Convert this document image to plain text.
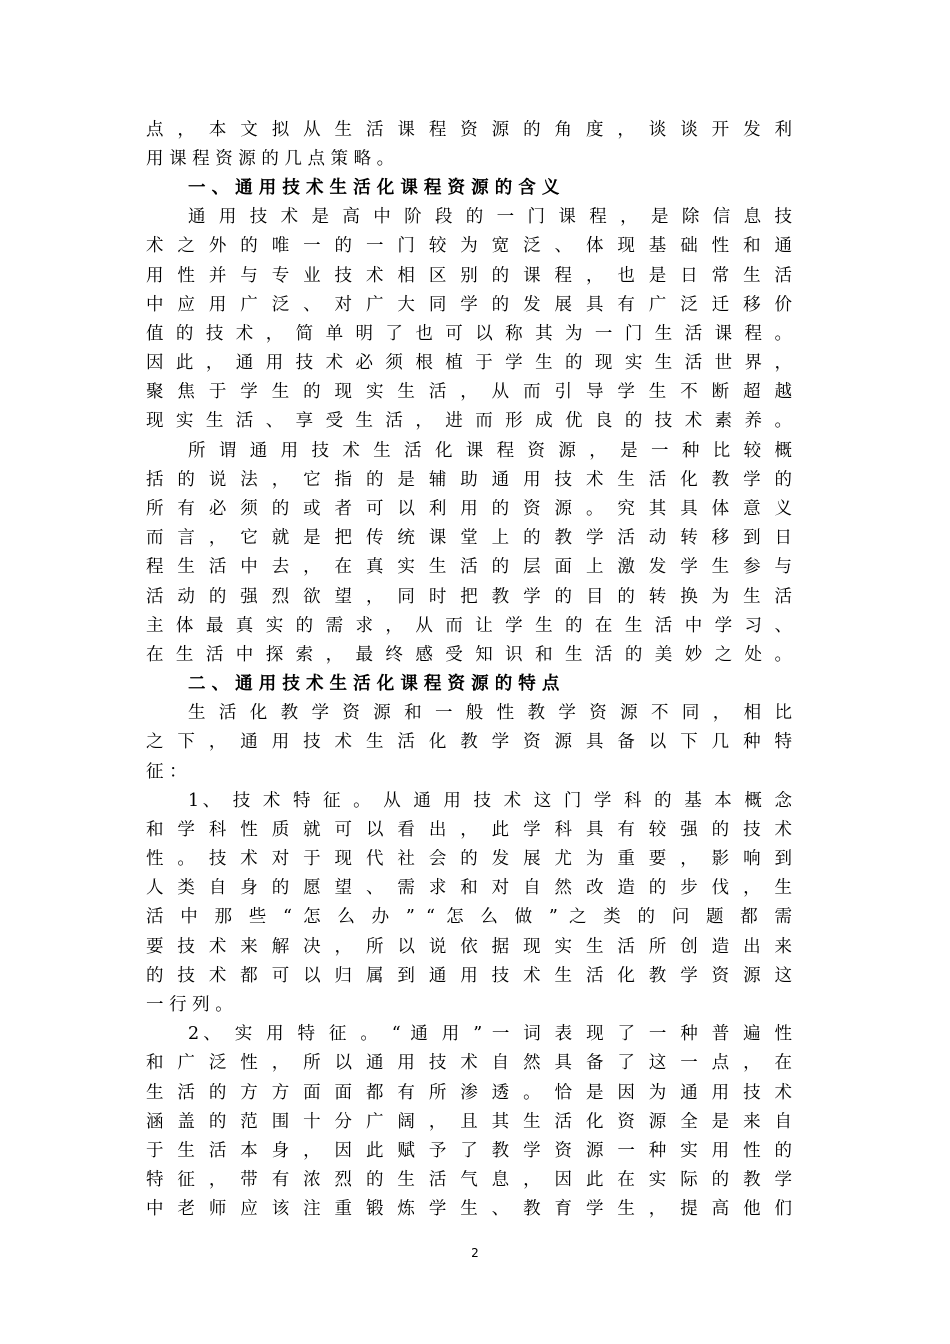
点 ， 本 文 拟 从 生 活 课 程 资 源 的 角 度 ， 谈 谈 开 发 利
用 课 程 资 源 的 几 点 策 略 。
一 、 通 用 技 术 生 活 化 课 程 资 源 的 含 义
通 用 技 术 是 高 中 阶 段 的 一 门 课 程 ， 是 除 信 息 技
术 之 外 的 唯 一 的 一 门 较 为 宽 泛 、 体 现 基 础 性 和 通
用 性 并 与 专 业 技 术 相 区 别 的 课 程 ， 也 是 日 常 生 活
中 应 用 广 泛 、 对 广 大 同 学 的 发 展 具 有 广 泛 迁 移 价
值 的 技 术 ， 简 单 明 了 也 可 以 称 其 为 一 门 生 活 课 程 。
因 此 ， 通 用 技 术 必 须 根 植 于 学 生 的 现 实 生 活 世 界 ，
聚 焦 于 学 生 的 现 实 生 活 ， 从 而 引 导 学 生 不 断 超 越
现 实 生 活 、 享 受 生 活 ， 进 而 形 成 优 良 的 技 术 素 养 。
所 谓 通 用 技 术 生 活 化 课 程 资 源 ， 是 一 种 比 较 概
括 的 说 法 ， 它 指 的 是 辅 助 通 用 技 术 生 活 化 教 学 的
所 有 必 须 的 或 者 可 以 利 用 的 资 源 。 究 其 具 体 意 义
而 言 ， 它 就 是 把 传 统 课 堂 上 的 教 学 活 动 转 移 到 日
程 生 活 中 去 ， 在 真 实 生 活 的 层 面 上 激 发 学 生 参 与
活 动 的 强 烈 欲 望 ， 同 时 把 教 学 的 目 的 转 换 为 生 活
主 体 最 真 实 的 需 求 ， 从 而 让 学 生 的 在 生 活 中 学 习 、
在 生 活 中 探 索 ， 最 终 感 受 知 识 和 生 活 的 美 妙 之 处 。
二 、 通 用 技 术 生 活 化 课 程 资 源 的 特 点
生 活 化 教 学 资 源 和 一 般 性 教 学 资 源 不 同 ， 相 比
之 下 ， 通 用 技 术 生 活 化 教 学 资 源 具 备 以 下 几 种 特
征 ：
1、 技 术 特 征 。 从 通 用 技 术 这 门 学 科 的 基 本 概 念
和 学 科 性 质 就 可 以 看 出 ， 此 学 科 具 有 较 强 的 技 术
性 。 技 术 对 于 现 代 社 会 的 发 展 尤 为 重 要 ， 影 响 到
人 类 自 身 的 愿 望 、 需 求 和 对 自 然 改 造 的 步 伐 ， 生
活 中 那 些 “ 怎 么 办 ” “ 怎 么 做 ” 之 类 的 问 题 都 需
要 技 术 来 解 决 ， 所 以 说 依 据 现 实 生 活 所 创 造 出 来
的 技 术 都 可 以 归 属 到 通 用 技 术 生 活 化 教 学 资 源 这
一 行 列 。
2、 实 用 特 征 。 “ 通 用 ” 一 词 表 现 了 一 种 普 遍 性
和 广 泛 性 ， 所 以 通 用 技 术 自 然 具 备 了 这 一 点 ， 在
生 活 的 方 方 面 面 都 有 所 渗 透 。 恰 是 因 为 通 用 技 术
涵 盖 的 范 围 十 分 广 阔 ， 且 其 生 活 化 资 源 全 是 来 自
于 生 活 本 身 ， 因 此 赋 予 了 教 学 资 源 一 种 实 用 性 的
特 征 ， 带 有 浓 烈 的 生 活 气 息 ， 因 此 在 实 际 的 教 学
中 老 师 应 该 注 重 锻 炼 学 生 、 教 育 学 生 ， 提 高 他 们
2
